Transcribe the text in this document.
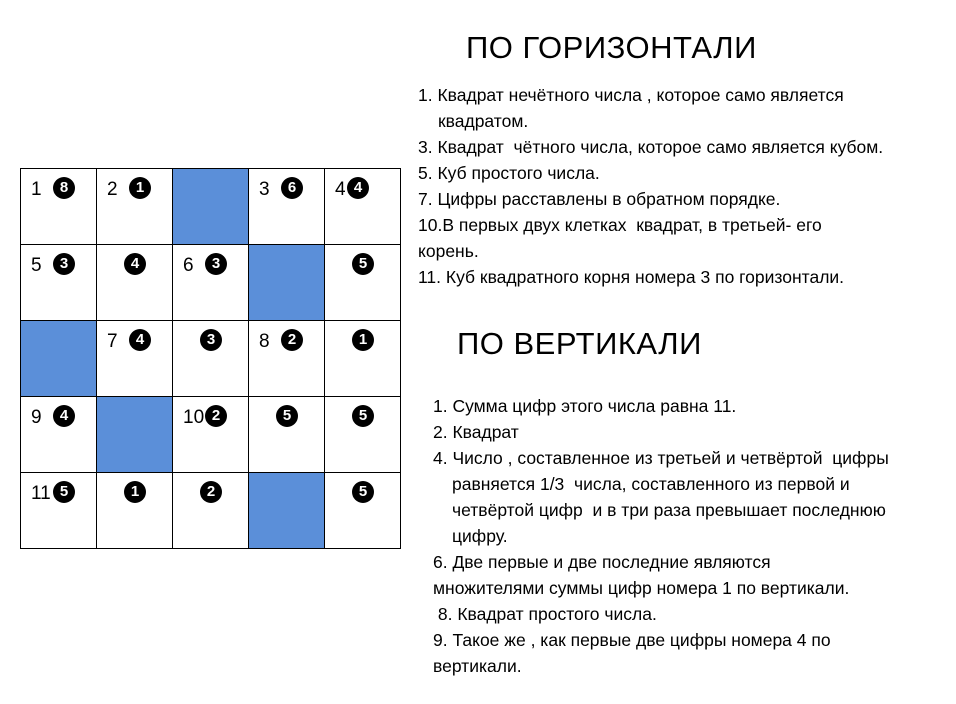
1 8	2 1		3 6	4 4

5 3	4	6 3		5

	7 4	3	8 2	1

9 4		10 2	5	5

11 5	1	2		5
ПО ГОРИЗОНТАЛИ
1. Квадрат нечётного числа , которое само является
квадратом.
3. Квадрат  чётного числа, которое само является кубом.
5. Куб простого числа.
7. Цифры расставлены в обратном порядке.
10.В первых двух клетках  квадрат, в третьей- его
корень.
11. Куб квадратного корня номера 3 по горизонтали.
ПО ВЕРТИКАЛИ
1. Сумма цифр этого числа равна 11.
2. Квадрат
4. Число , составленное из третьей и четвёртой  цифры
равняется 1/3  числа, составленного из первой и
четвёртой цифр  и в три раза превышает последнюю
цифру.
6. Две первые и две последние являются
множителями суммы цифр номера 1 по вертикали.
8. Квадрат простого числа.
9. Такое же , как первые две цифры номера 4 по
вертикали.
